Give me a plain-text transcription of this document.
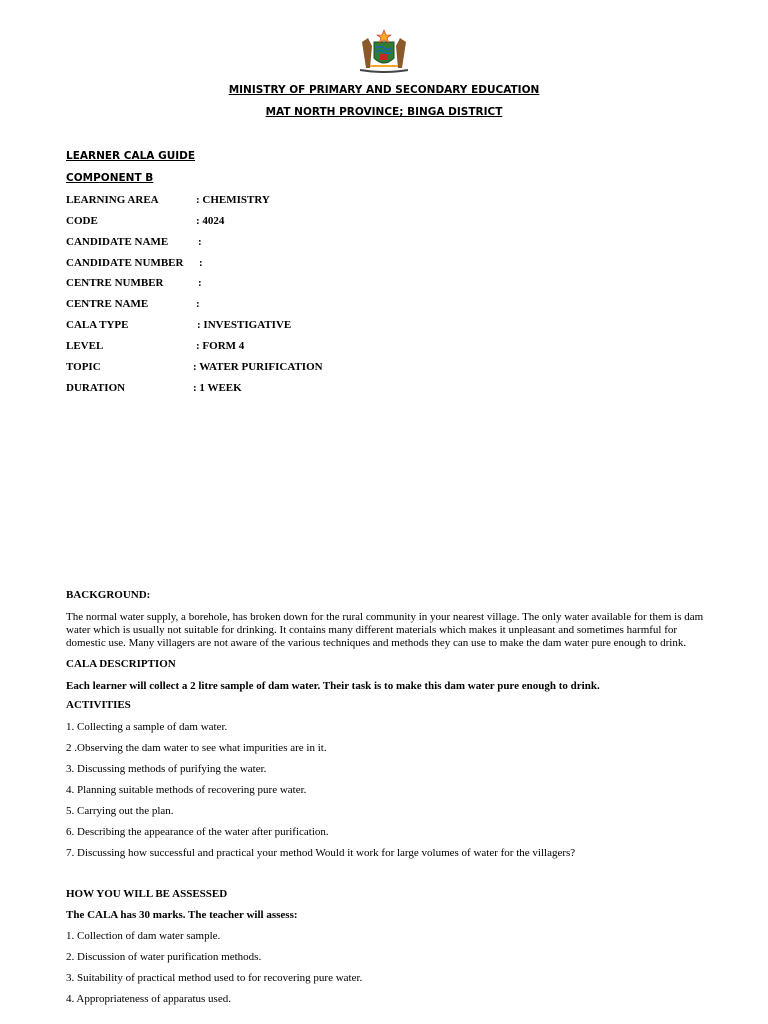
MINISTRY OF PRIMARY AND SECONDARY EDUCATION
MAT NORTH PROVINCE; BINGA DISTRICT
LEARNER CALA GUIDE
COMPONENT B
LEARNING AREA	: CHEMISTRY
CODE	: 4024
CANDIDATE NAME	:
CANDIDATE NUMBER :
CENTRE NUMBER	:
CENTRE NAME	:
CALA TYPE	: INVESTIGATIVE
LEVEL	: FORM 4
TOPIC	: WATER PURIFICATION
DURATION	: 1 WEEK
BACKGROUND:
The normal water supply, a borehole, has broken down for the rural community in your nearest village. The only water available for them is dam water which is usually not suitable for drinking. It contains many different materials which makes it unpleasant and sometimes harmful for domestic use. Many villagers are not aware of the various techniques and methods they can use to make the dam water pure enough to drink.
CALA DESCRIPTION
Each learner will collect a 2 litre sample of dam water. Their task is to make this dam water pure enough to drink.
ACTIVITIES
1. Collecting a sample of dam water.
2 .Observing the dam water to see what impurities are in it.
3. Discussing methods of purifying the water.
4. Planning suitable methods of recovering pure water.
5. Carrying out the plan.
6. Describing the appearance of the water after purification.
7. Discussing how successful and practical your method Would it work for large volumes of water for the villagers?
HOW YOU WILL BE ASSESSED
The CALA has 30 marks. The teacher will assess:
1. Collection of dam water sample.
2. Discussion of water purification methods.
3. Suitability of practical method used to for recovering pure water.
4. Appropriateness of apparatus used.
